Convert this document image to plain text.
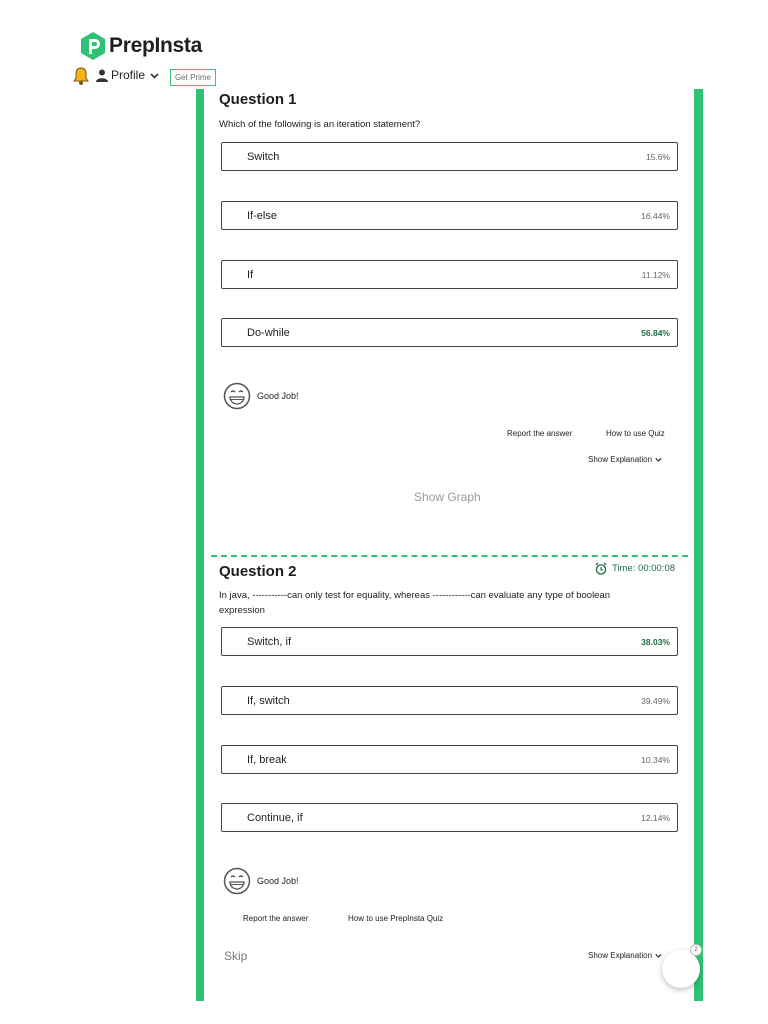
PrepInsta
Profile	Get Prime
Question 1
Which of the following is an iteration statement?
Switch	15.6%
If-else	16.44%
If	11.12%
Do-while	56.84%
Good Job!
Report the answer	How to use Quiz
Show Explanation
Show Graph
Question 2	Time: 00:00:08
In java, -----------can only test for equality, whereas ------------can evaluate any type of boolean
expression
Switch, if	38.03%
If, switch	39.49%
If, break	10.34%
Continue, if	12.14%
Good Job!
Report the answer	How to use PrepInsta Quiz
Skip	Show Explanation
2
